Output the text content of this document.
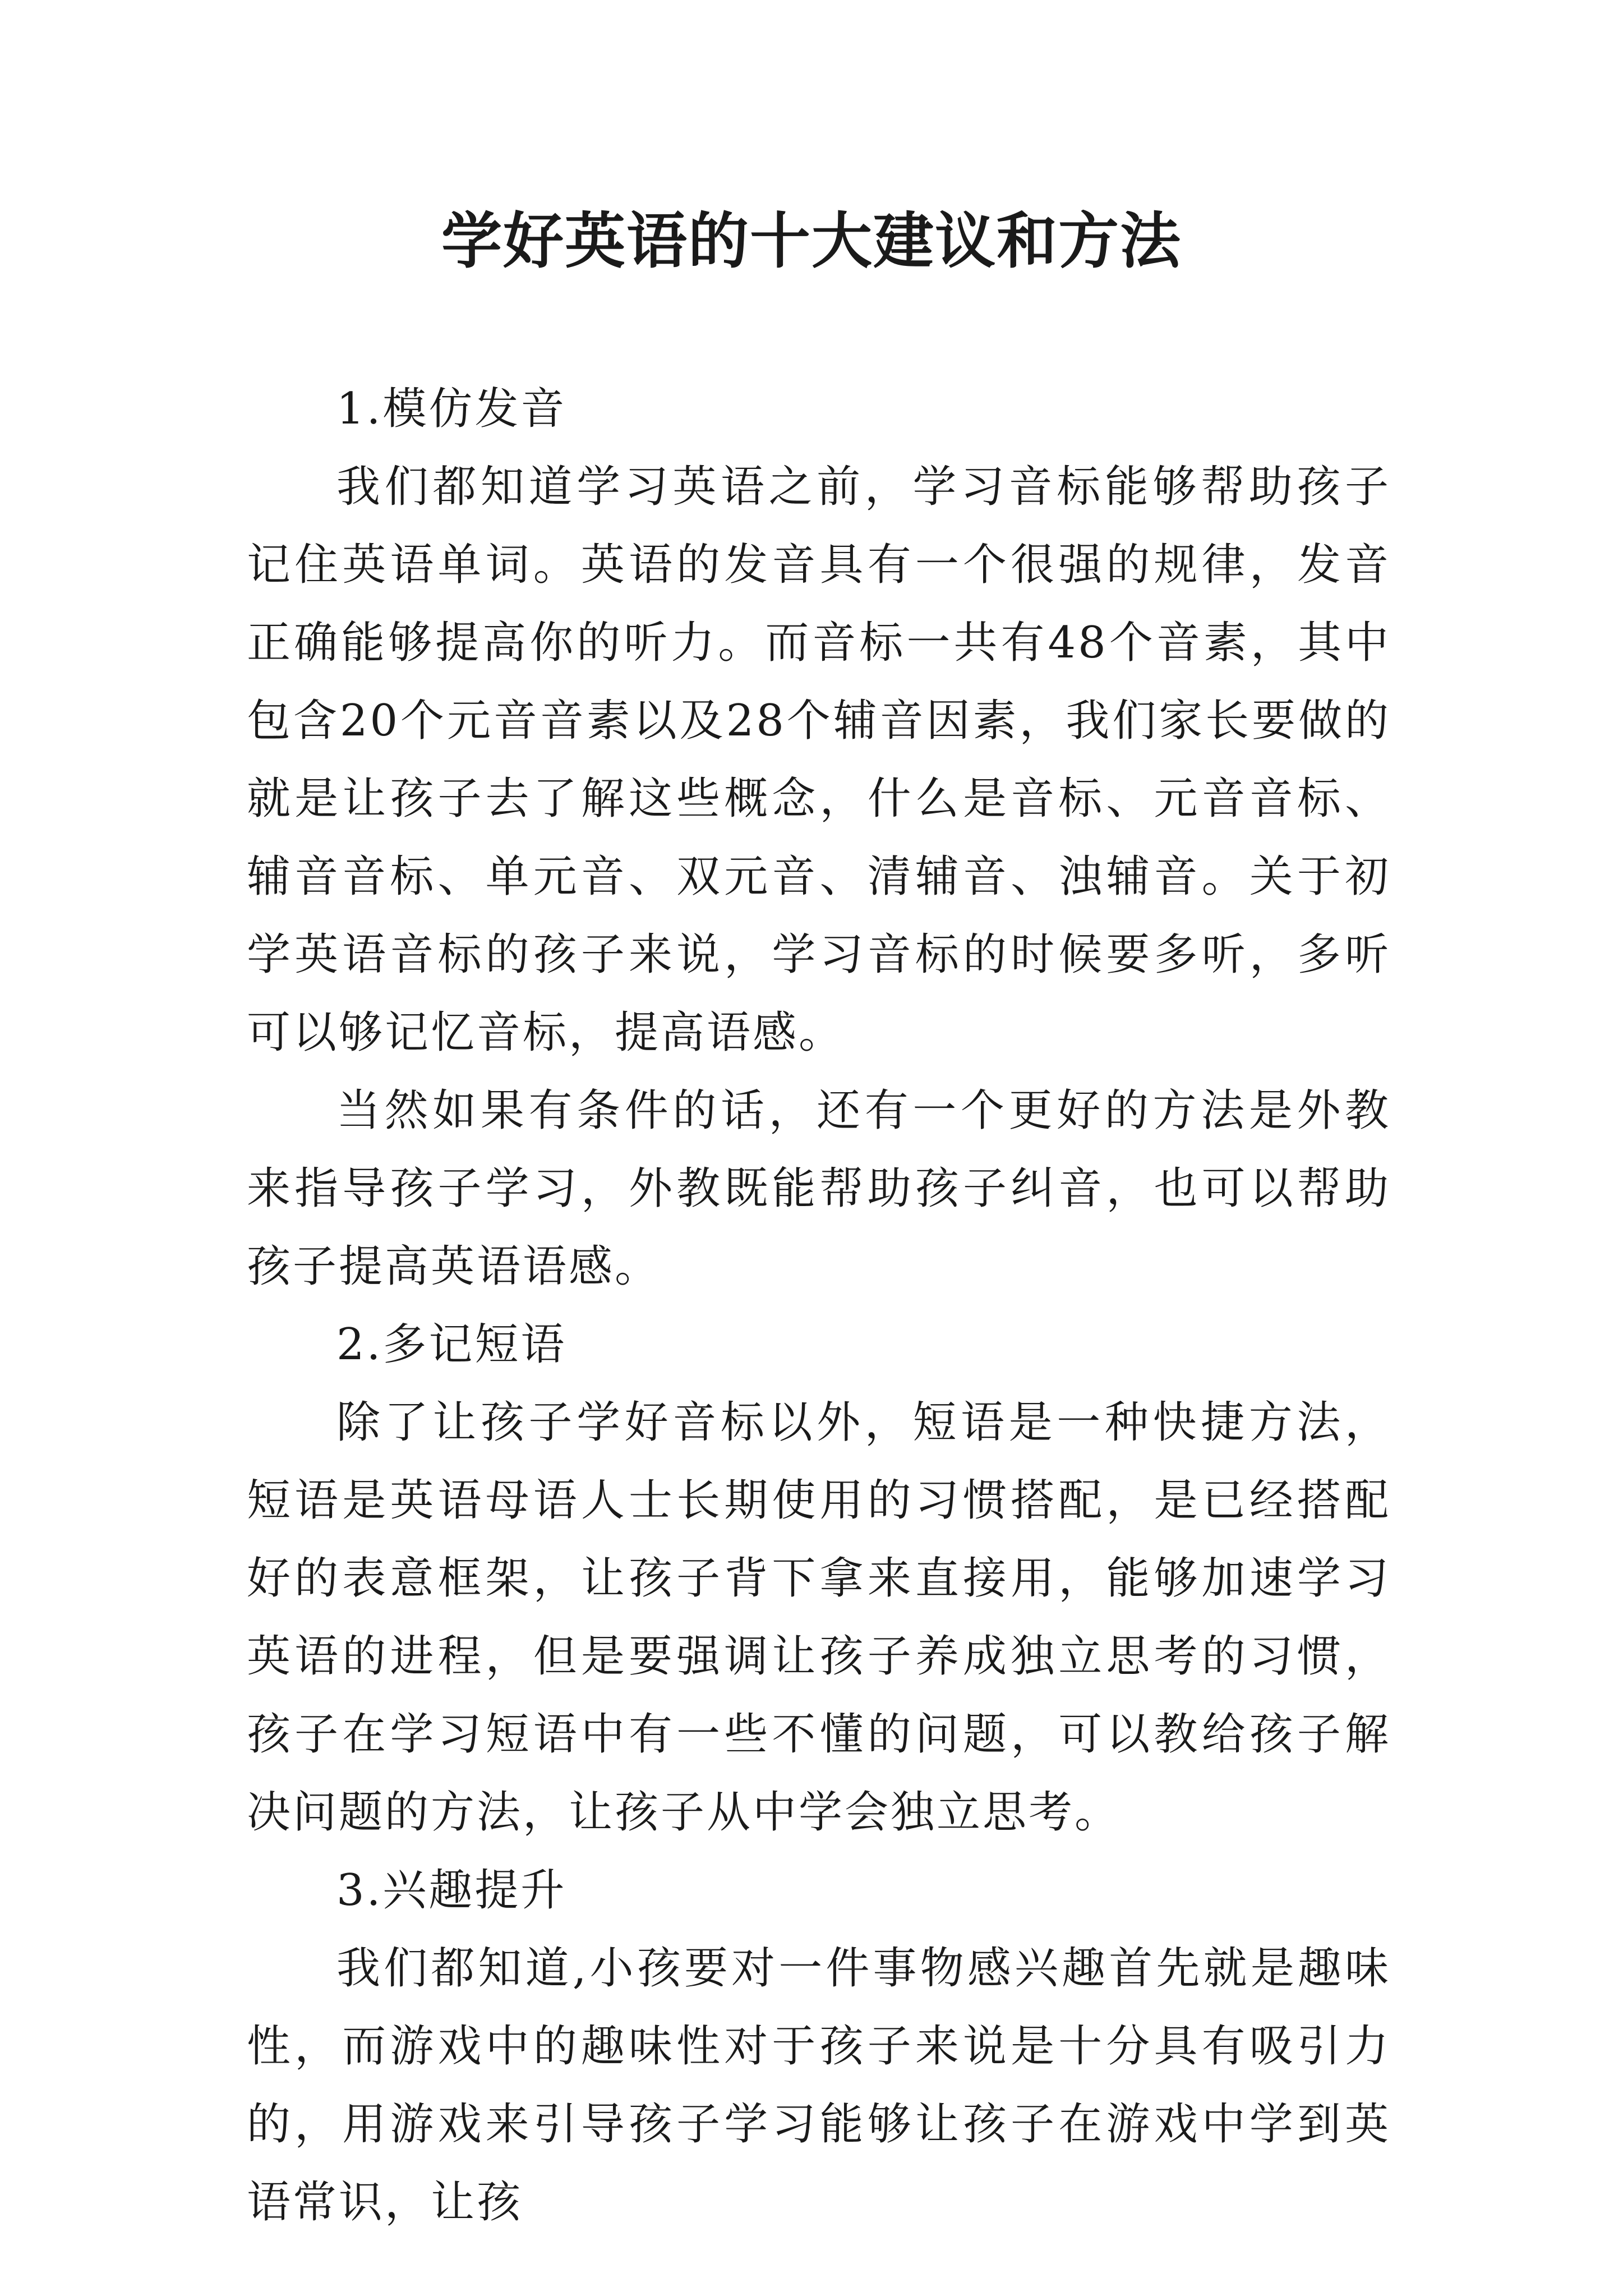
学好英语的十大建议和方法

1.模仿发音

我们都知道学习英语之前，学习音标能够帮助孩子记住英语单词。英语的发音具有一个很强的规律，发音正确能够提高你的听力。而音标一共有48个音素，其中包含20个元音音素以及28个辅音因素，我们家长要做的就是让孩子去了解这些概念，什么是音标、元音音标、辅音音标、单元音、双元音、清辅音、浊辅音。关于初学英语音标的孩子来说，学习音标的时候要多听，多听可以够记忆音标，提高语感。

当然如果有条件的话，还有一个更好的方法是外教来指导孩子学习，外教既能帮助孩子纠音，也可以帮助孩子提高英语语感。

2.多记短语

除了让孩子学好音标以外，短语是一种快捷方法，短语是英语母语人士长期使用的习惯搭配，是已经搭配好的表意框架，让孩子背下拿来直接用，能够加速学习英语的进程，但是要强调让孩子养成独立思考的习惯，孩子在学习短语中有一些不懂的问题，可以教给孩子解决问题的方法，让孩子从中学会独立思考。

3.兴趣提升

我们都知道,小孩要对一件事物感兴趣首先就是趣味性，而游戏中的趣味性对于孩子来说是十分具有吸引力的，用游戏来引导孩子学习能够让孩子在游戏中学到英语常识，让孩
